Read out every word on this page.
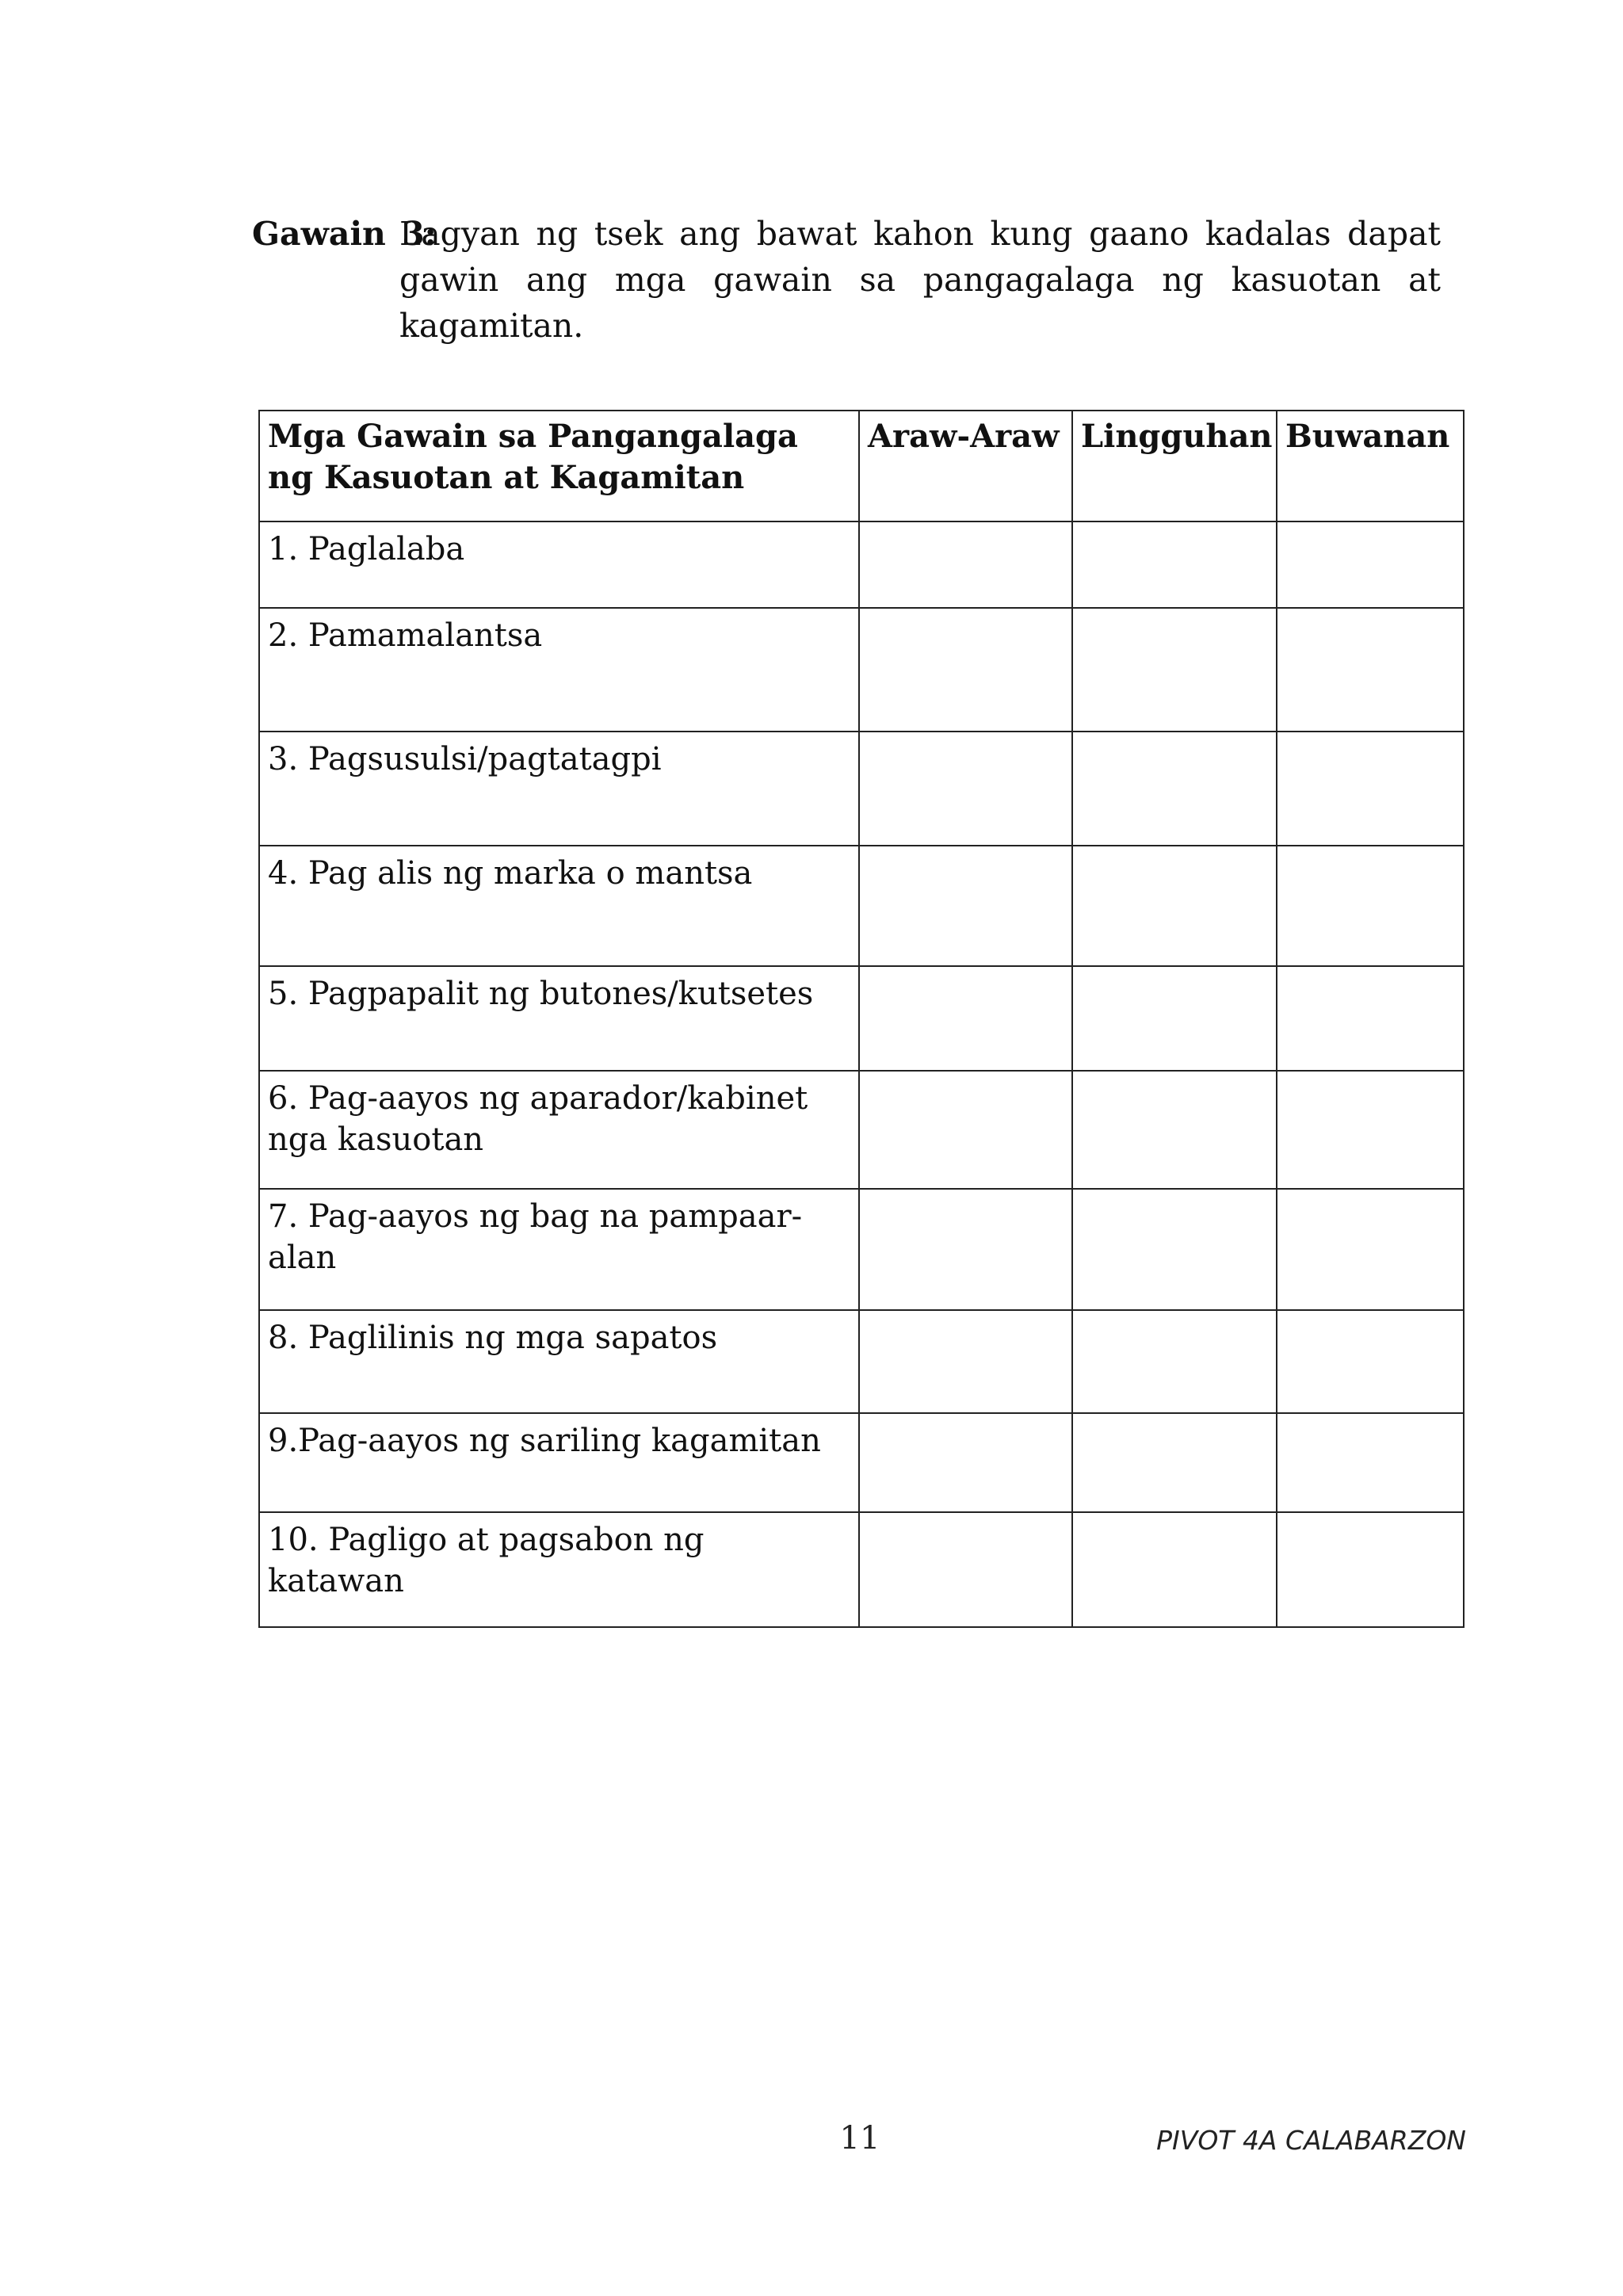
Gawain 3:
Lagyan ng tsek ang bawat kahon kung gaano kadalas dapat gawin ang mga gawain sa pangagalaga ng kasuotan at kagamitan.
Mga Gawain sa Pangangalaga ng Kasuotan at Kagamitan	Araw-Araw	Lingguhan	Buwanan
1. Paglalaba			
2. Pamamalantsa			
3. Pagsusulsi/pagtatagpi			
4. Pag alis ng marka o mantsa			
5. Pagpapalit ng butones/kutsetes			
6. Pag-aayos ng aparador/kabinet nga kasuotan			
7. Pag-aayos ng bag na pampaar-alan			
8. Paglilinis ng mga sapatos			
9.Pag-aayos ng sariling kagamitan			
10. Pagligo at pagsabon ng katawan			
11	PIVOT 4A CALABARZON
